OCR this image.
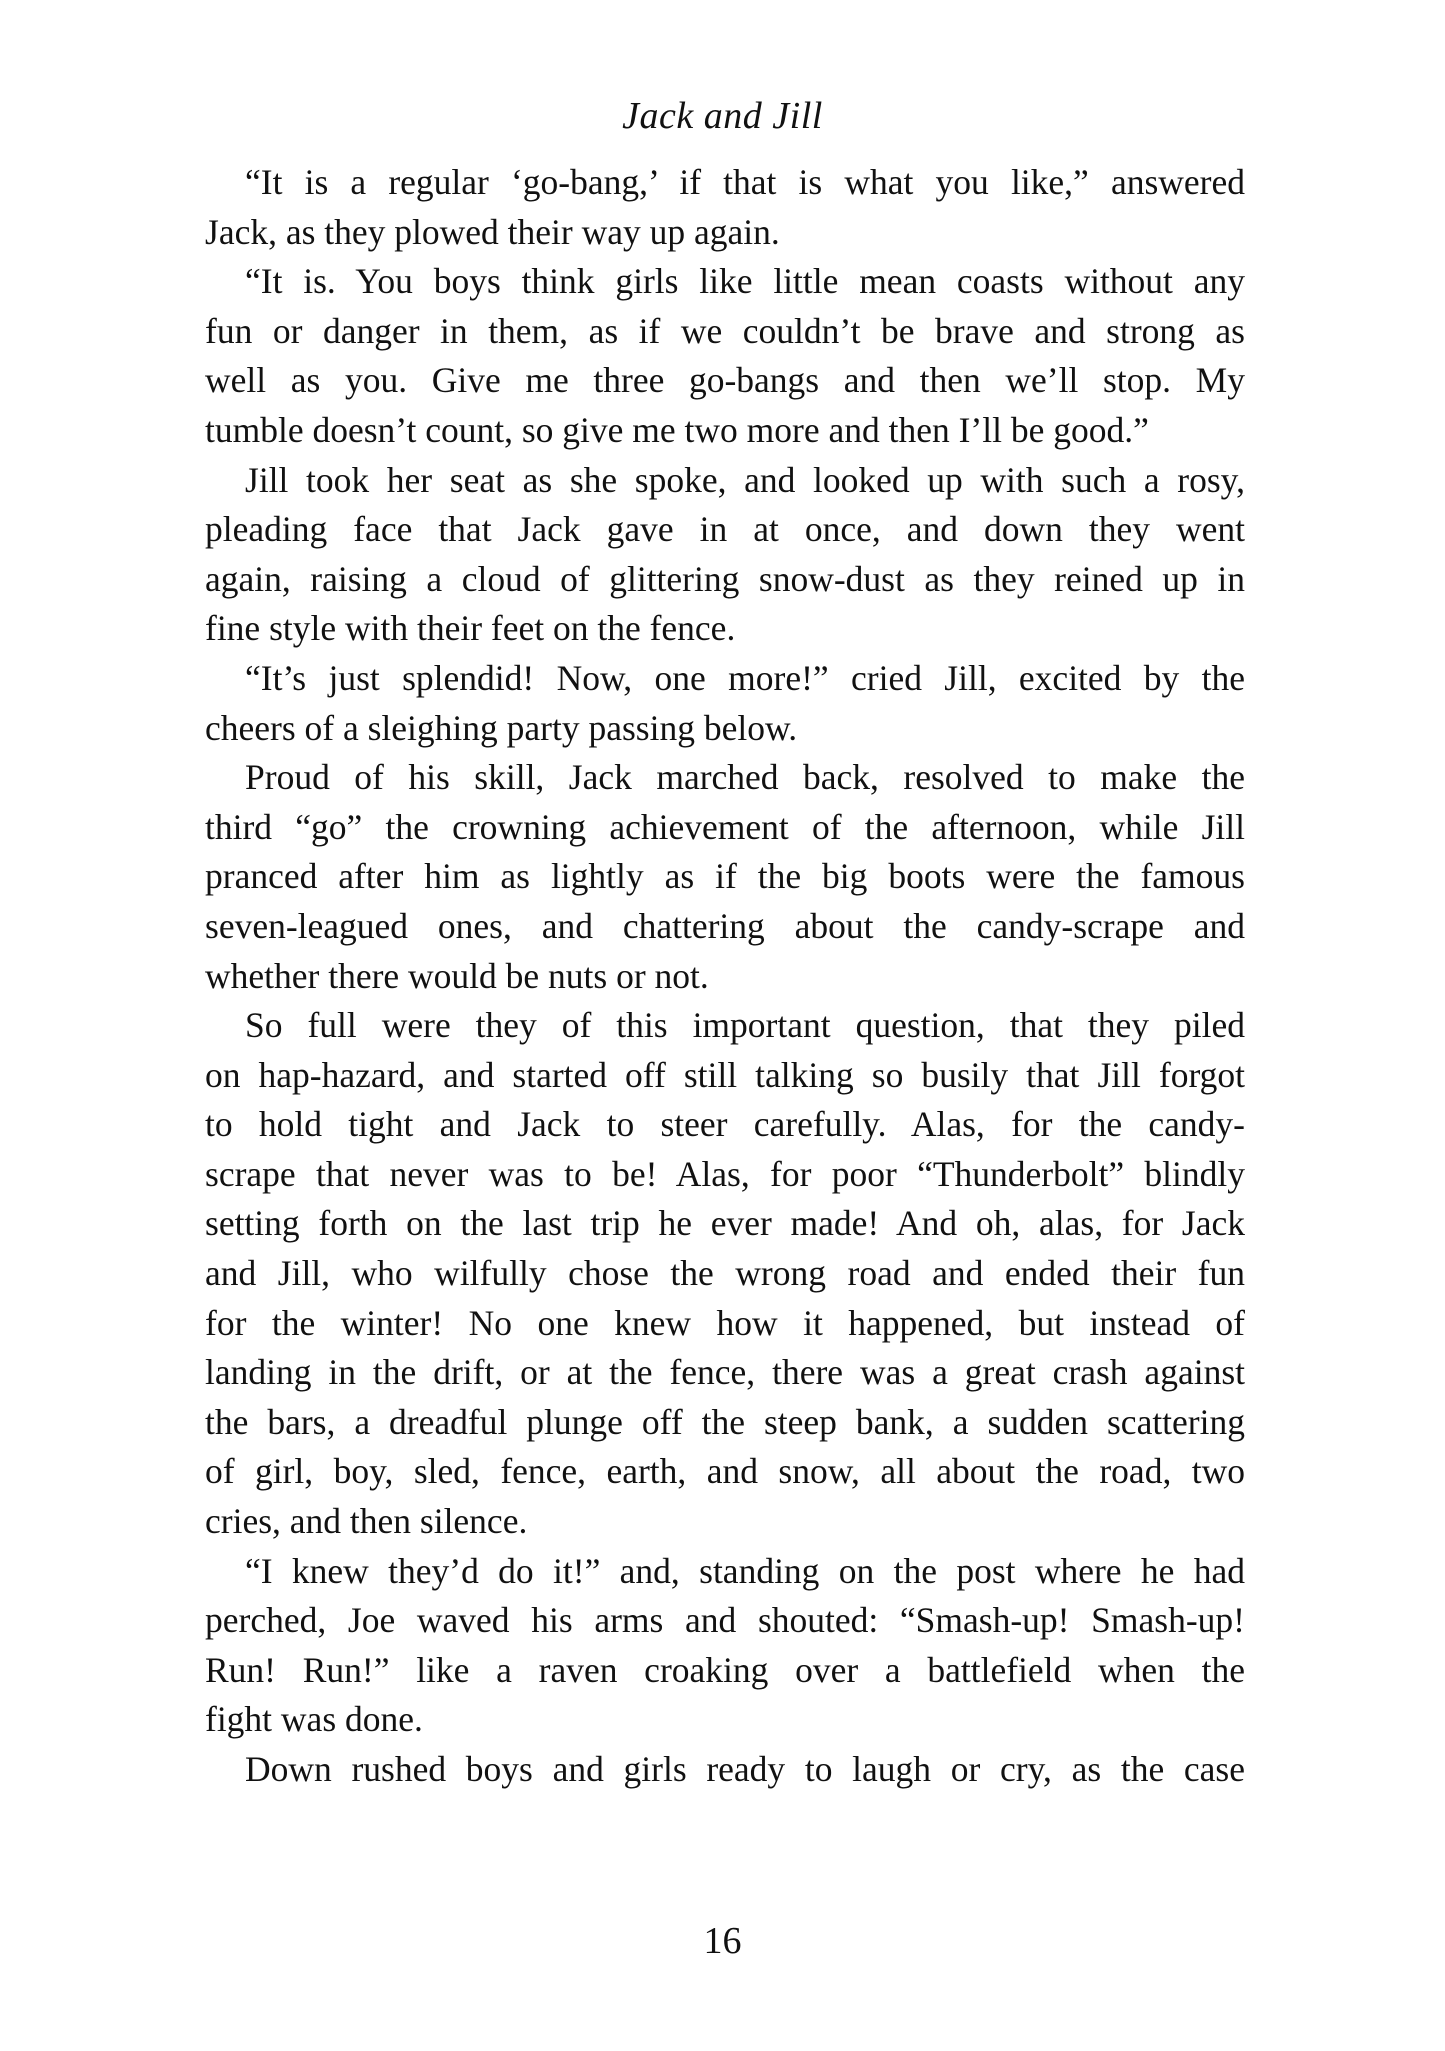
Jack and Jill
“It is a regular ‘go-bang,’ if that is what you like,” answered
Jack, as they plowed their way up again.
“It is. You boys think girls like little mean coasts without any
fun or danger in them, as if we couldn’t be brave and strong as
well as you. Give me three go-bangs and then we’ll stop. My
tumble doesn’t count, so give me two more and then I’ll be good.”
Jill took her seat as she spoke, and looked up with such a rosy,
pleading face that Jack gave in at once, and down they went
again, raising a cloud of glittering snow-dust as they reined up in
fine style with their feet on the fence.
“It’s just splendid! Now, one more!” cried Jill, excited by the
cheers of a sleighing party passing below.
Proud of his skill, Jack marched back, resolved to make the
third “go” the crowning achievement of the afternoon, while Jill
pranced after him as lightly as if the big boots were the famous
seven-leagued ones, and chattering about the candy-scrape and
whether there would be nuts or not.
So full were they of this important question, that they piled
on hap-hazard, and started off still talking so busily that Jill forgot
to hold tight and Jack to steer carefully. Alas, for the candy-
scrape that never was to be! Alas, for poor “Thunderbolt” blindly
setting forth on the last trip he ever made! And oh, alas, for Jack
and Jill, who wilfully chose the wrong road and ended their fun
for the winter! No one knew how it happened, but instead of
landing in the drift, or at the fence, there was a great crash against
the bars, a dreadful plunge off the steep bank, a sudden scattering
of girl, boy, sled, fence, earth, and snow, all about the road, two
cries, and then silence.
“I knew they’d do it!” and, standing on the post where he had
perched, Joe waved his arms and shouted: “Smash-up! Smash-up!
Run! Run!” like a raven croaking over a battlefield when the
fight was done.
Down rushed boys and girls ready to laugh or cry, as the case
16
